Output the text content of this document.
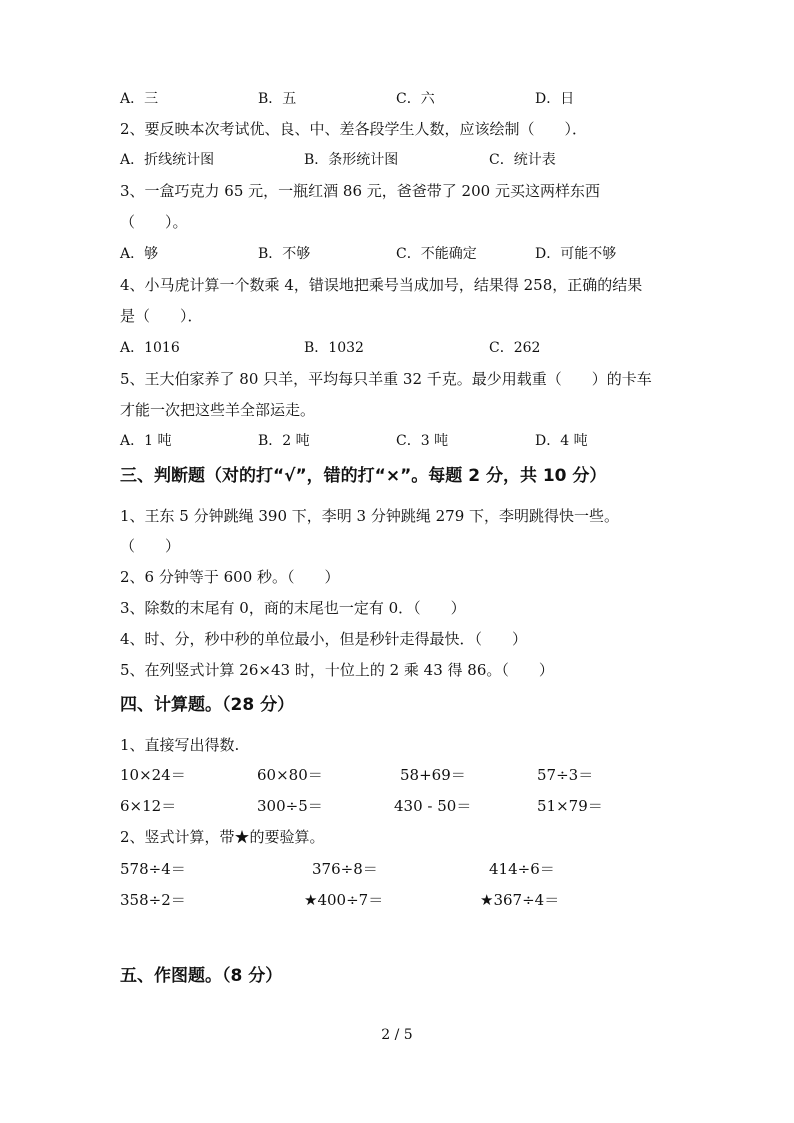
A．三	B．五	C．六	D．日
2、要反映本次考试优、良、中、差各段学生人数，应该绘制（　　）．
A．折线统计图	B．条形统计图	C．统计表
3、一盒巧克力 65 元，一瓶红酒 86 元，爸爸带了 200 元买这两样东西
（　　）。
A．够	B．不够	C．不能确定	D．可能不够
4、小马虎计算一个数乘 4，错误地把乘号当成加号，结果得 258，正确的结果
是（　　）．
A．1016	B．1032	C．262
5、王大伯家养了 80 只羊，平均每只羊重 32 千克。最少用载重（　　）的卡车
才能一次把这些羊全部运走。
A．1 吨	B．2 吨	C．3 吨	D．4 吨
三、判断题（对的打“√”，错的打“×”。每题 2 分，共 10 分）
1、王东 5 分钟跳绳 390 下，李明 3 分钟跳绳 279 下，李明跳得快一些。
（　　）
2、6 分钟等于 600 秒。（　　）
3、除数的末尾有 0，商的末尾也一定有 0．（　　）
4、时、分，秒中秒的单位最小，但是秒针走得最快．（　　）
5、在列竖式计算 26×43 时，十位上的 2 乘 43 得 86。（　　）
四、计算题。（28 分）
1、直接写出得数.
10×24＝	60×80＝	58+69＝	57÷3＝
6×12＝	300÷5＝	430 - 50＝	51×79＝
2、竖式计算，带★的要验算。
578÷4＝	376÷8＝	414÷6＝
358÷2＝	★400÷7＝	★367÷4＝
五、作图题。（8 分）
2 / 5
